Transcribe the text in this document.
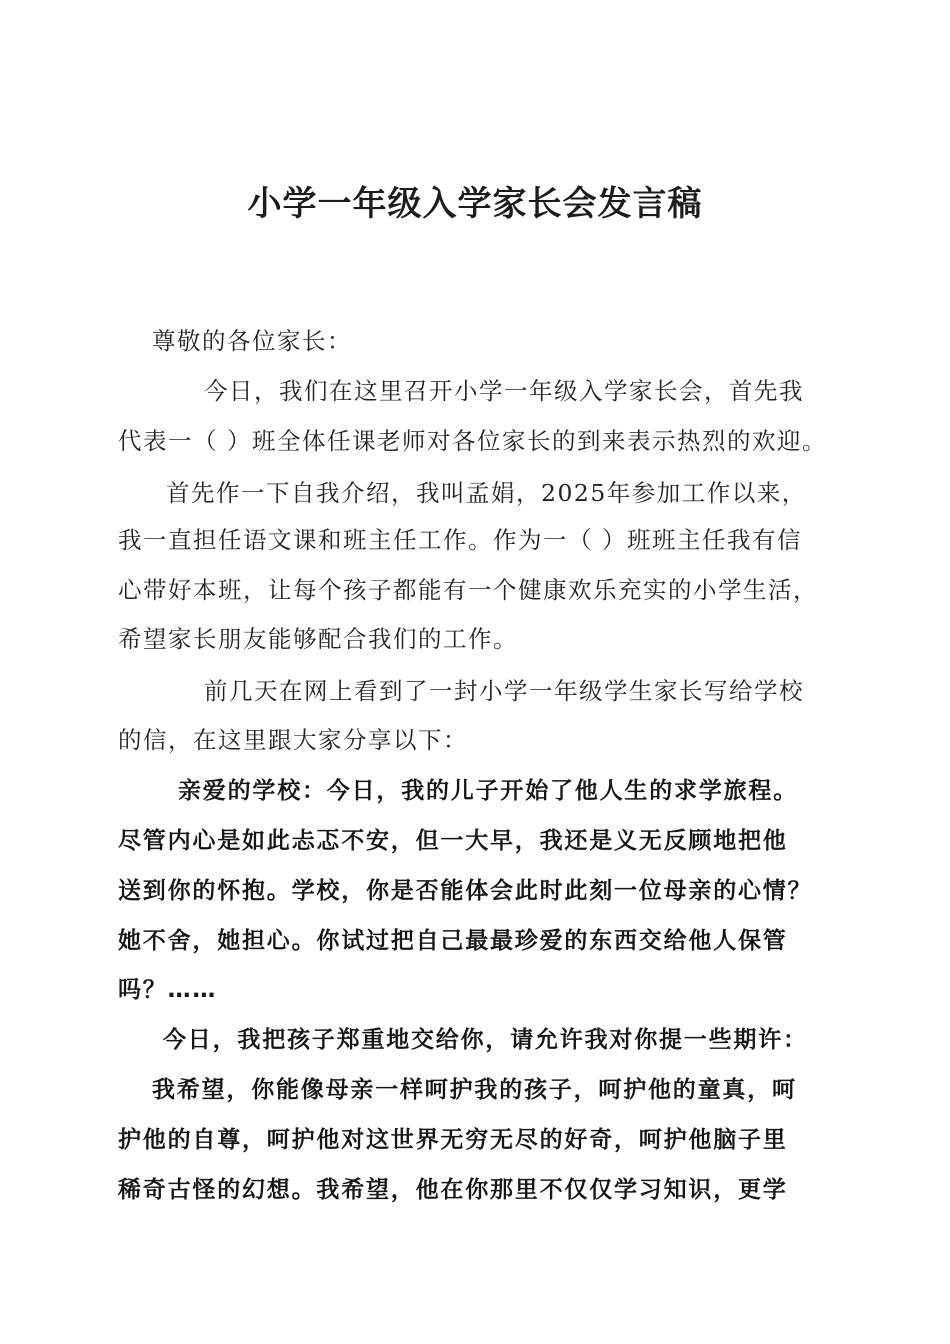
小学一年级入学家长会发言稿
尊敬的各位家长：
今日，我们在这里召开小学一年级入学家长会，首先我
代表一（ ）班全体任课老师对各位家长的到来表示热烈的欢迎。
首先作一下自我介绍，我叫孟娟，2025年参加工作以来，
我一直担任语文课和班主任工作。作为一（ ）班班主任我有信
心带好本班，让每个孩子都能有一个健康欢乐充实的小学生活，
希望家长朋友能够配合我们的工作。
前几天在网上看到了一封小学一年级学生家长写给学校
的信，在这里跟大家分享以下：
亲爱的学校：今日，我的儿子开始了他人生的求学旅程。
尽管内心是如此忐忑不安，但一大早，我还是义无反顾地把他
送到你的怀抱。学校，你是否能体会此时此刻一位母亲的心情？
她不舍，她担心。你试过把自己最最珍爱的东西交给他人保管
吗？……
今日，我把孩子郑重地交给你，请允许我对你提一些期许：
我希望，你能像母亲一样呵护我的孩子，呵护他的童真，呵
护他的自尊，呵护他对这世界无穷无尽的好奇，呵护他脑子里
稀奇古怪的幻想。我希望，他在你那里不仅仅学习知识，更学
